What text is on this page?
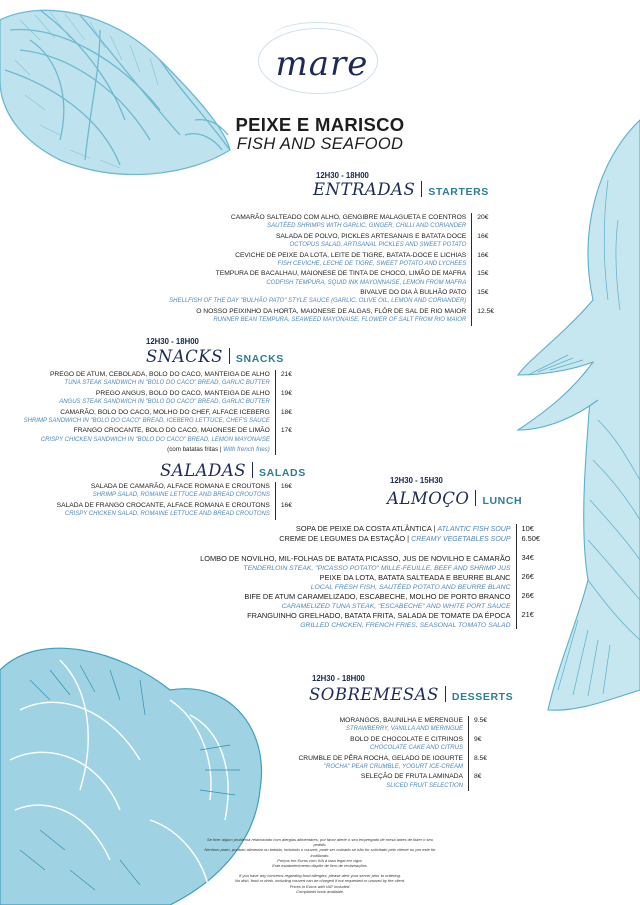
mare
PEIXE E MARISCO
FISH AND SEAFOOD
12H30 - 18H00
ENTRADAS STARTERS
CAMARÃO SALTEADO COM ALHO, GENGIBRE MALAGUETA E COENTROS
SAUTÉED SHRIMPS WITH GARLIC, GINGER, CHILLI AND CORIANDER
SALADA DE POLVO, PICKLES ARTESANAIS E BATATA DOCE
OCTOPUS SALAD, ARTISANAL PICKLES AND SWEET POTATO
CEVICHE DE PEIXE DA LOTA, LEITE DE TIGRE, BATATA-DOCE E LICHIAS
FISH CEVICHE, LECHE DE TIGRE, SWEET POTATO AND LYCHEES
TEMPURA DE BACALHAU, MAIONESE DE TINTA DE CHOCO, LIMÃO DE MAFRA
CODFISH TEMPURA, SQUID INK MAYONNAISE, LEMON FROM MAFRA
BIVALVE DO DIA À BULHÃO PATO
SHELLFISH OF THE DAY "BULHÃO PATO" STYLE SAUCE (GARLIC, OLIVE OIL, LEMON AND CORIANDER)
O NOSSO PEIXINHO DA HORTA, MAIONESE DE ALGAS, FLÔR DE SAL DE RIO MAIOR
RUNNER BEAN TEMPURA, SEAWEED MAYONAISE, FLOWER OF SALT FROM RIO MAIOR
20€
16€
16€
15€
15€
12.5€
12H30 - 18H00
SNACKS SNACKS
PREGO DE ATUM, CEBOLADA, BOLO DO CACO, MANTEIGA DE ALHO
TUNA STEAK SANDWICH IN "BOLO DO CACO" BREAD, GARLIC BUTTER
PREGO ANGUS, BOLO DO CACO, MANTEIGA DE ALHO
ANGUS STEAK SANDWICH IN "BOLO DO CACO" BREAD, GARLIC BUTTER
CAMARÃO, BOLO DO CACO, MOLHO DO CHEF, ALFACE ICEBERG
SHRIMP SANDWICH IN "BOLO DO CACO" BREAD, ICEBERG LETTUCE, CHEF'S SAUCE
FRANGO CROCANTE, BOLO DO CACO, MAIONESE DE LIMÃO
CRISPY CHICKEN SANDWICH IN "BOLO DO CACO" BREAD, LEMON MAYONAISE
(com batatas fritas | With french fries)
21€
19€
18€
17€
SALADAS SALADS
SALADA DE CAMARÃO, ALFACE ROMANA E CROUTONS
SHRIMP SALAD, ROMAINE LETTUCE AND BREAD CROUTONS
SALADA DE FRANGO CROCANTE, ALFACE ROMANA E CROUTONS
CRISPY CHICKEN SALAD, ROMAINE LETTUCE AND BREAD CROUTONS
16€
16€
12H30 - 15H30
ALMOÇO LUNCH
SOPA DE PEIXE DA COSTA ATLÂNTICA | ATLANTIC FISH SOUP
CREME DE LEGUMES DA ESTAÇÃO | CREAMY VEGETABLES SOUP
LOMBO DE NOVILHO, MIL-FOLHAS DE BATATA PICASSO, JUS DE NOVILHO E CAMARÃO
TENDERLOIN STEAK, "PICASSO POTATO" MILLE-FEUILLE, BEEF AND SHRIMP JUS
PEIXE DA LOTA, BATATA SALTEADA E BEURRE BLANC
LOCAL FRESH FISH, SAUTÉED POTATO AND BEURRE BLANC
BIFE DE ATUM CARAMELIZADO, ESCABECHE, MOLHO DE PORTO BRANCO
CARAMELIZED TUNA STEAK, "ESCABECHE" AND WHITE PORT SAUCE
FRANGUINHO GRELHADO, BATATA FRITA, SALADA DE TOMATE DA ÉPOCA
GRILLED CHICKEN, FRENCH FRIES, SEASONAL TOMATO SALAD
10€
6.50€
34€
26€
26€
21€
12H30 - 18H00
SOBREMESAS DESSERTS
MORANGOS, BAUNILHA E MERENGUE
STRAWBERRY, VANILLA AND MERINGUE
BOLO DE CHOCOLATE E CITRINOS
CHOCOLATE CAKE AND CITRUS
CRUMBLE DE PÊRA ROCHA, GELADO DE IOGURTE
"ROCHA" PEAR CRUMBLE, YOGURT ICE-CREAM
SELEÇÃO DE FRUTA LAMINADA
SLICED FRUIT SELECTION
9.5€
9€
8.5€
8€
Se tiver algum problema relacionado com alergias alimentares, por favor alerte o seu empregado de mesa antes de fazer o seu pedido.
Nenhum prato, produto alimentar ou bebida, incluindo o couvert, pode ser cobrado se não for solicitado pelo cliente ou por este for inutilizado.
Preços em Euros com IVA à taxa legal em vigor.
Este estabelecimento dispõe de livro de reclamações.
If you have any concerns regarding food allergies, please alert your server prior to ordering.
No dish, food or drink, including couvert can be charged if not requested or unused by the client.
Prices in Euros with VAT included.
Complaints book available.
